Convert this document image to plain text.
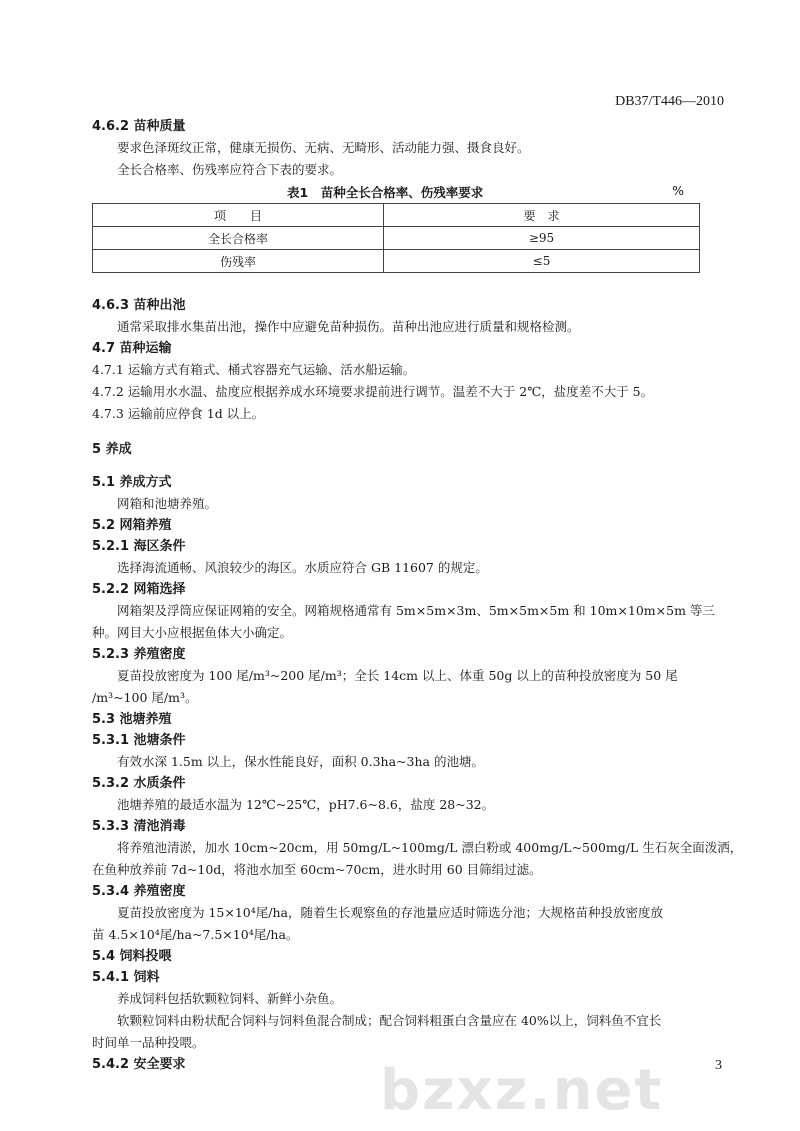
DB37/T446—2010

4.6.2 苗种质量

要求色泽斑纹正常，健康无损伤、无病、无畸形、活动能力强、摄食良好。

全长合格率、伤残率应符合下表的要求。

表1　苗种全长合格率、伤残率要求	%
项　　目	要　求
全长合格率	≥95
伤残率	≤5

4.6.3 苗种出池

通常采取排水集苗出池，操作中应避免苗种损伤。苗种出池应进行质量和规格检测。

4.7 苗种运输

4.7.1 运输方式有箱式、桶式容器充气运输、活水船运输。

4.7.2 运输用水水温、盐度应根据养成水环境要求提前进行调节。温差不大于 2℃，盐度差不大于 5。

4.7.3 运输前应停食 1d 以上。

5 养成

5.1 养成方式

网箱和池塘养殖。

5.2 网箱养殖

5.2.1 海区条件

选择海流通畅、风浪较少的海区。水质应符合 GB 11607 的规定。

5.2.2 网箱选择

网箱架及浮筒应保证网箱的安全。网箱规格通常有 5m×5m×3m、5m×5m×5m 和 10m×10m×5m 等三

种。网目大小应根据鱼体大小确定。

5.2.3 养殖密度

夏苗投放密度为 100 尾/m³~200 尾/m³；全长 14cm 以上、体重 50g 以上的苗种投放密度为 50 尾

/m³~100 尾/m³。

5.3 池塘养殖

5.3.1 池塘条件

有效水深 1.5m 以上，保水性能良好，面积 0.3ha~3ha 的池塘。

5.3.2 水质条件

池塘养殖的最适水温为 12℃~25℃，pH7.6~8.6，盐度 28~32。

5.3.3 清池消毒

将养殖池清淤，加水 10cm~20cm，用 50mg/L~100mg/L 漂白粉或 400mg/L~500mg/L 生石灰全面泼洒，

在鱼种放养前 7d~10d，将池水加至 60cm~70cm，进水时用 60 目筛绢过滤。

5.3.4 养殖密度

夏苗投放密度为 15×10⁴尾/ha，随着生长观察鱼的存池量应适时筛选分池；大规格苗种投放密度放

苗 4.5×10⁴尾/ha~7.5×10⁴尾/ha。

5.4 饲料投喂

5.4.1 饲料

养成饲料包括软颗粒饲料、新鲜小杂鱼。

软颗粒饲料由粉状配合饲料与饲料鱼混合制成；配合饲料粗蛋白含量应在 40%以上，饲料鱼不宜长

时间单一品种投喂。

5.4.2 安全要求	bzxz.net	3
